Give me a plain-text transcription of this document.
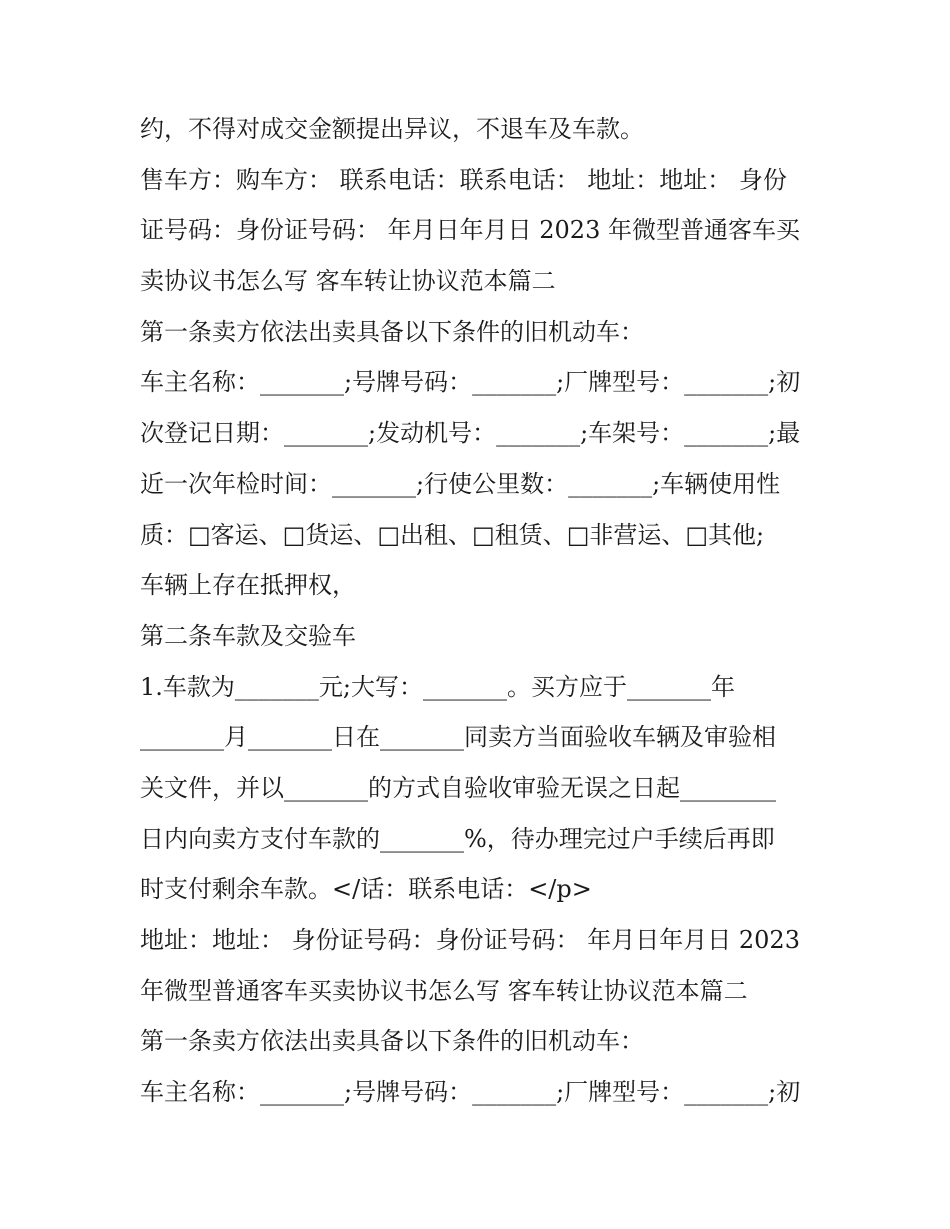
约，不得对成交金额提出异议，不退车及车款。

售车方：购车方： 联系电话：联系电话： 地址：地址： 身份

证号码：身份证号码： 年月日年月日 2023 年微型普通客车买

卖协议书怎么写 客车转让协议范本篇二

第一条卖方依法出卖具备以下条件的旧机动车：

车主名称：_______;号牌号码：_______;厂牌型号：_______;初

次登记日期：_______;发动机号：_______;车架号：_______;最

近一次年检时间：_______;行使公里数：_______;车辆使用性

质：□客运、□货运、□出租、□租赁、□非营运、□其他;

车辆上存在抵押权，

第二条车款及交验车

1.车款为_______元;大写：_______。买方应于_______年

_______月_______日在_______同卖方当面验收车辆及审验相

关文件，并以_______的方式自验收审验无误之日起________

日内向卖方支付车款的_______%，待办理完过户手续后再即

时支付剩余车款。</话：联系电话：</p>

地址：地址： 身份证号码：身份证号码： 年月日年月日 2023

年微型普通客车买卖协议书怎么写 客车转让协议范本篇二

第一条卖方依法出卖具备以下条件的旧机动车：

车主名称：_______;号牌号码：_______;厂牌型号：_______;初
